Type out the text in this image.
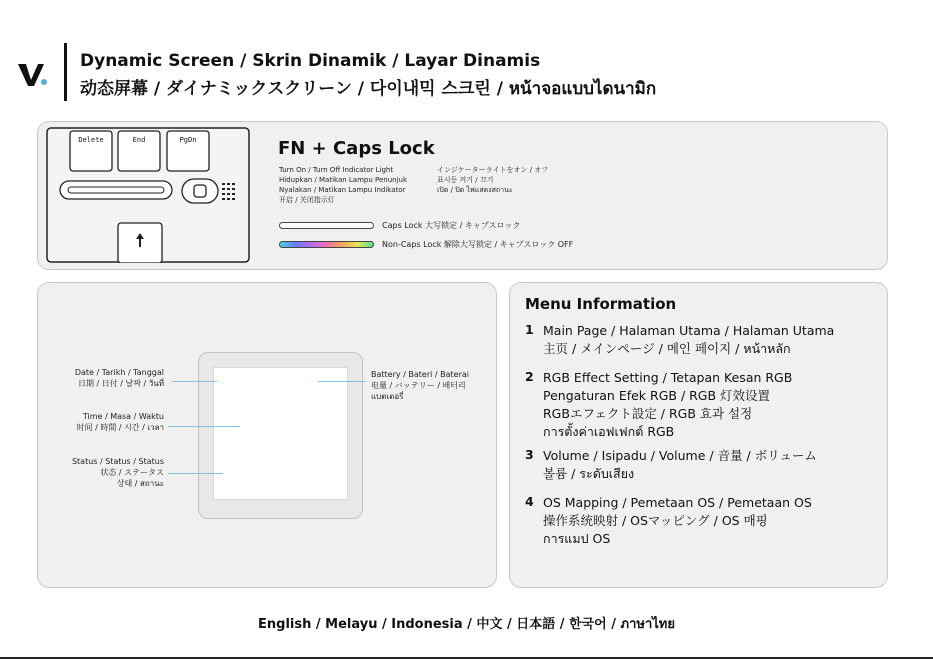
Dynamic Screen / Skrin Dinamik / Layar Dinamis
动态屏幕 / ダイナミックスクリーン / 다이내믹 스크린 / หน้าจอแบบไดนามิก
Delete	End	PgDn	FN + Caps Lock
Turn On / Turn Off Indicator Light
Hidupkan / Matikan Lampu Penunjuk
Nyalakan / Matikan Lampu Indikator
开启 / 关闭指示灯
インジケーターライトをオン / オフ
표시등 켜기 / 끄기
เปิด / ปิด ไฟแสดงสถานะ
Caps Lock 大写锁定 / キャプスロック
Non-Caps Lock 解除大写锁定 / キャプスロック OFF
Date / Tarikh / Tanggal
日期 / 日付 / 날짜 / วันที่
Time / Masa / Waktu
时间 / 時間 / 시간 / เวลา
Status / Status / Status
状态 / ステータス
상태 / สถานะ
Battery / Bateri / Baterai
电量 / バッテリー / 배터리
แบตเตอรี่
Menu Information
1 Main Page / Halaman Utama / Halaman Utama
主页 / メインページ / 메인 페이지 / หน้าหลัก
2 RGB Effect Setting / Tetapan Kesan RGB
Pengaturan Efek RGB / RGB 灯效设置
RGBエフェクト設定 / RGB 효과 설정
การตั้งค่าเอฟเฟกต์ RGB
3 Volume / Isipadu / Volume / 音量 / ボリューム
볼륨 / ระดับเสียง
4 OS Mapping / Pemetaan OS / Pemetaan OS
操作系统映射 / OSマッピング / OS 매핑
การแมป OS
English / Melayu / Indonesia / 中文 / 日本語 / 한국어 / ภาษาไทย
